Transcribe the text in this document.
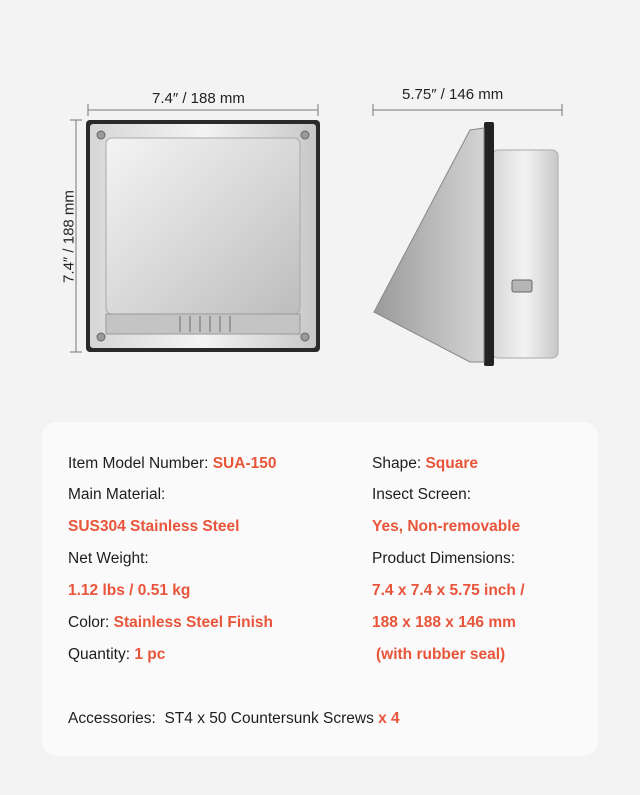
7.4″ / 188 mm	5.75″ / 146 mm
7.4″ / 188 mm
Item Model Number: SUA-150
Main Material:
SUS304 Stainless Steel
Net Weight:
1.12 lbs / 0.51 kg
Color: Stainless Steel Finish
Quantity: 1 pc
Shape: Square
Insect Screen:
Yes, Non-removable
Product Dimensions:
7.4 x 7.4 x 5.75 inch /
188 x 188 x 146 mm
(with rubber seal)
Accessories:  ST4 x 50 Countersunk Screws x 4
